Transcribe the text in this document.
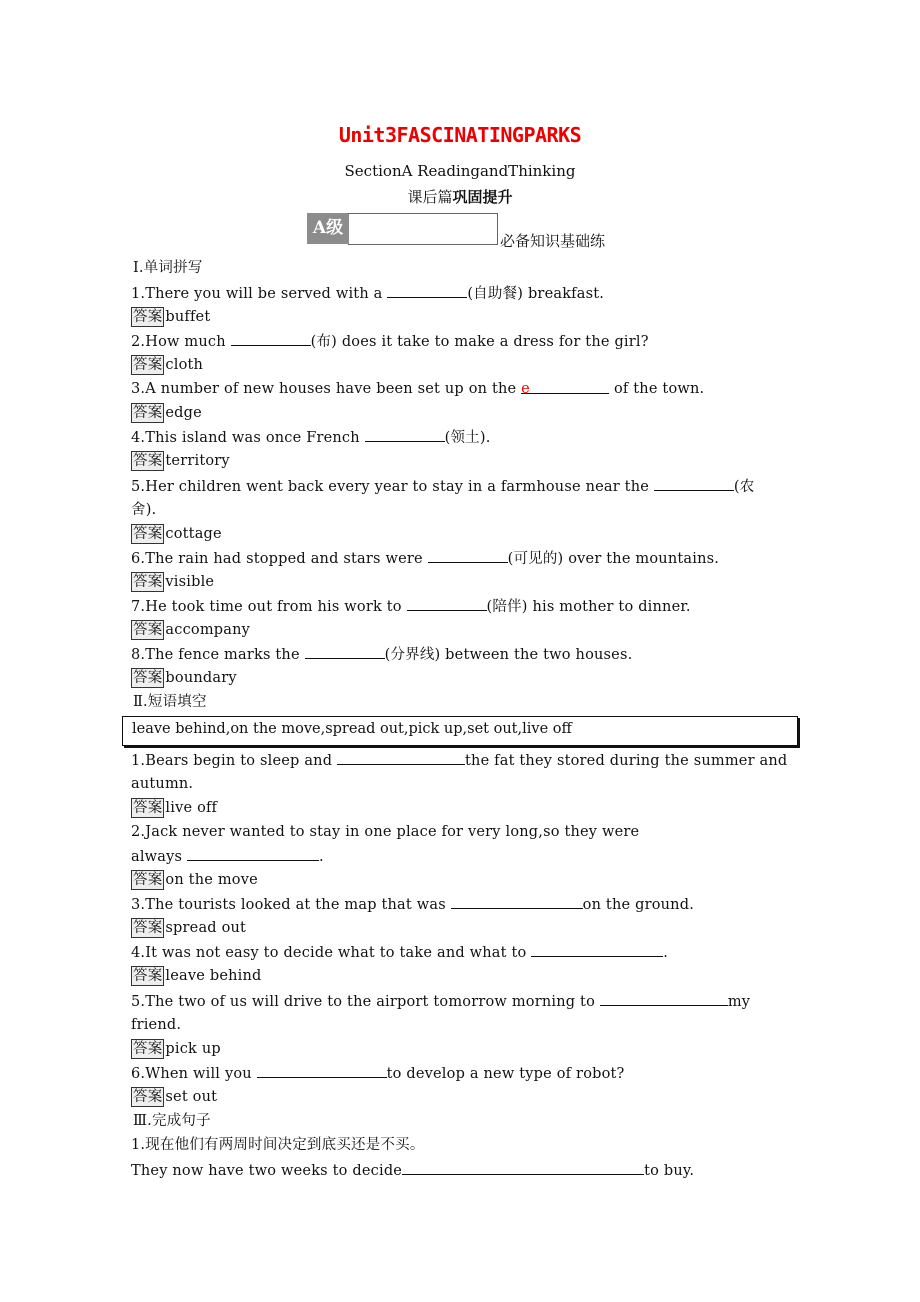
Unit3FASCINATINGPARKS
SectionA ReadingandThinking
课后篇巩固提升
A级
必备知识基础练
Ⅰ.单词拼写
1.There you will be served with a	(自助餐) breakfast.
答案 buffet
2.How much	(布) does it take to make a dress for the girl?
答案 cloth
3.A number of new houses have been set up on the e	of the town.
答案 edge
4.This island was once French	(领土).
答案 territory
5.Her children went back every year to stay in a farmhouse near the	(农
舍).
答案 cottage
6.The rain had stopped and stars were	(可见的) over the mountains.
答案 visible
7.He took time out from his work to	(陪伴) his mother to dinner.
答案 accompany
8.The fence marks the	(分界线) between the two houses.
答案 boundary
Ⅱ.短语填空
leave behind,on the move,spread out,pick up,set out,live off
1.Bears begin to sleep and	the fat they stored during the summer and
autumn.
答案 live off
2.Jack never wanted to stay in one place for very long,so they were
always	.
答案 on the move
3.The tourists looked at the map that was	on the ground.
答案 spread out
4.It was not easy to decide what to take and what to	.
答案 leave behind
5.The two of us will drive to the airport tomorrow morning to	my
friend.
答案 pick up
6.When will you	to develop a new type of robot?
答案 set out
Ⅲ.完成句子
1.现在他们有两周时间决定到底买还是不买。
They now have two weeks to decide	to buy.
